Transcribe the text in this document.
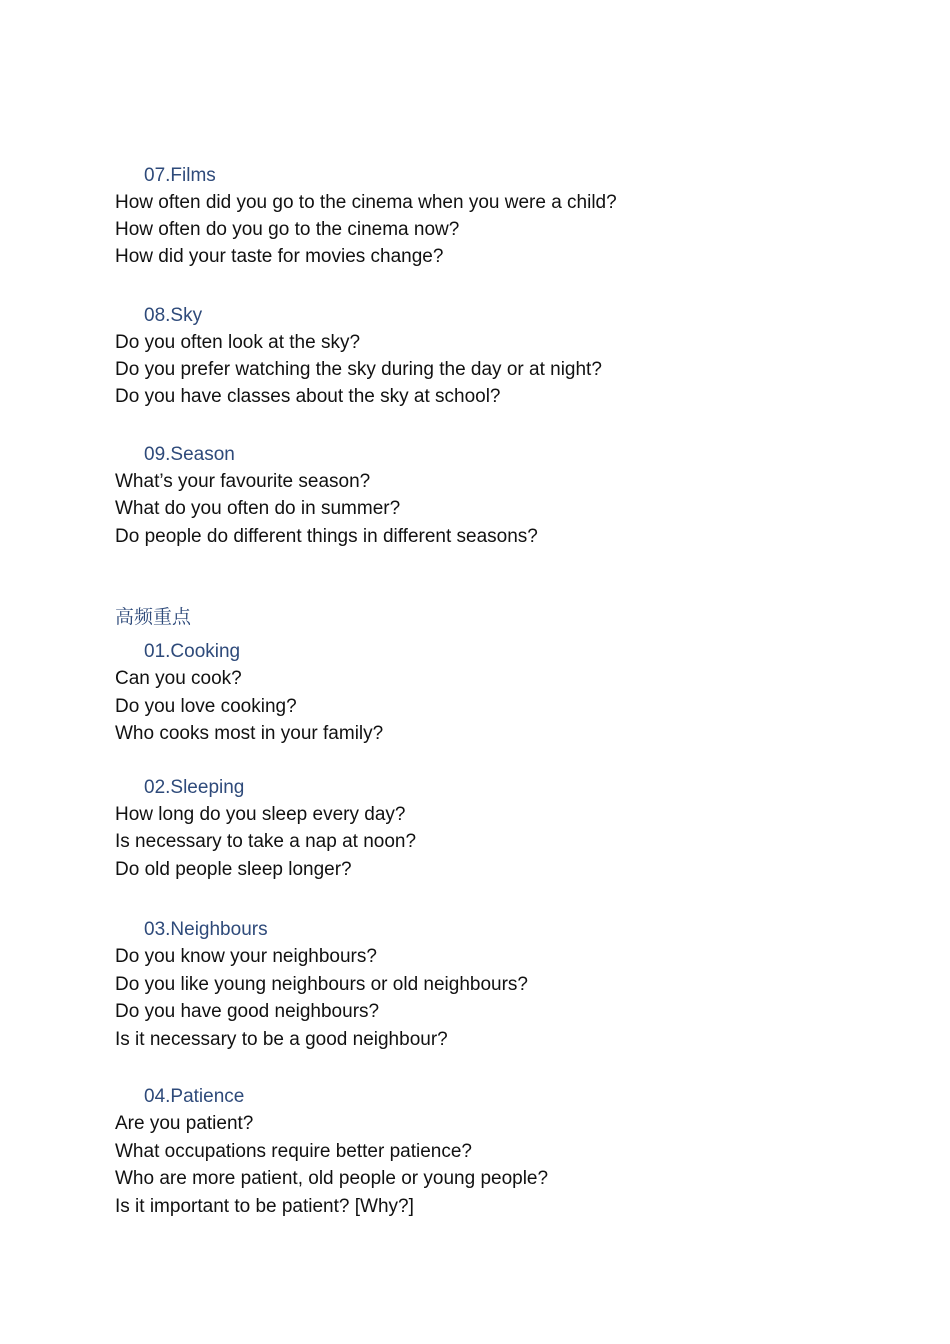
07.Films
How often did you go to the cinema when you were a child?
How often do you go to the cinema now?
How did your taste for movies change?
08.Sky
Do you often look at the sky?
Do you prefer watching the sky during the day or at night?
Do you have classes about the sky at school?
09.Season
What’s your favourite season?
What do you often do in summer?
Do people do different things in different seasons?
高频重点
01.Cooking
Can you cook?
Do you love cooking?
Who cooks most in your family?
02.Sleeping
How long do you sleep every day?
Is necessary to take a nap at noon?
Do old people sleep longer?
03.Neighbours
Do you know your neighbours?
Do you like young neighbours or old neighbours?
Do you have good neighbours?
Is it necessary to be a good neighbour?
04.Patience
Are you patient?
What occupations require better patience?
Who are more patient, old people or young people?
Is it important to be patient? [Why?]
